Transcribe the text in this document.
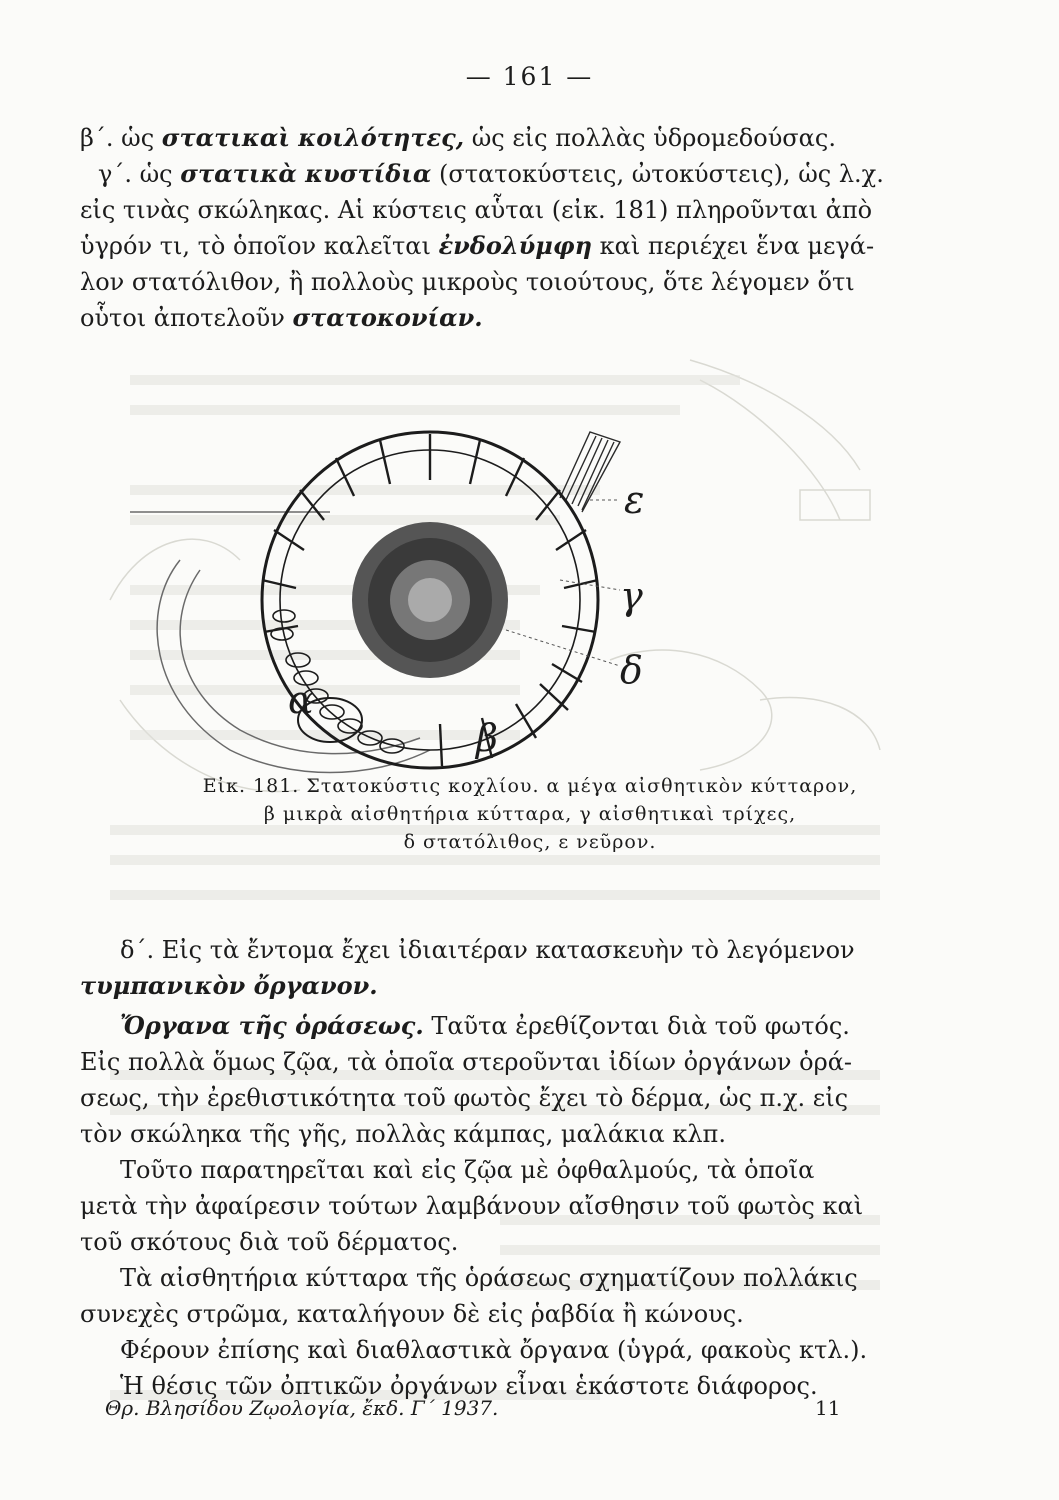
— 161 —
β΄. ὡς στατικαὶ κοιλότητες, ὡς εἰς πολλὰς ὑδρομεδούσας.
γ΄. ὡς στατικὰ κυστίδια (στατοκύστεις, ὠτοκύστεις), ὡς λ.χ.
εἰς τινὰς σκώληκας. Αἱ κύστεις αὗται (εἰκ. 181) πληροῦνται ἀπὸ
ὑγρόν τι, τὸ ὁποῖον καλεῖται ἐνδολύμφη καὶ περιέχει ἕνα μεγά-
λον στατόλιθον, ἢ πολλοὺς μικροὺς τοιούτους, ὅτε λέγομεν ὅτι
οὗτοι ἀποτελοῦν στατοκονίαν.
α
β
γ
δ
ε
Εἰκ. 181. Στατοκύστις κοχλίου. α μέγα αἰσθητικὸν κύτταρον,
β μικρὰ αἰσθητήρια κύτταρα, γ αἰσθητικαὶ τρίχες,
δ στατόλιθος, ε νεῦρον.
δ΄. Εἰς τὰ ἔντομα ἔχει ἰδιαιτέραν κατασκευὴν τὸ λεγόμενον
τυμπανικὸν ὄργανον.
Ὄργανα τῆς ὁράσεως. Ταῦτα ἐρεθίζονται διὰ τοῦ φωτός.
Εἰς πολλὰ ὅμως ζῷα, τὰ ὁποῖα στεροῦνται ἰδίων ὀργάνων ὁρά-
σεως, τὴν ἐρεθιστικότητα τοῦ φωτὸς ἔχει τὸ δέρμα, ὡς π.χ. εἰς
τὸν σκώληκα τῆς γῆς, πολλὰς κάμπας, μαλάκια κλπ.
Τοῦτο παρατηρεῖται καὶ εἰς ζῷα μὲ ὀφθαλμούς, τὰ ὁποῖα
μετὰ τὴν ἀφαίρεσιν τούτων λαμβάνουν αἴσθησιν τοῦ φωτὸς καὶ
τοῦ σκότους διὰ τοῦ δέρματος.
Τὰ αἰσθητήρια κύτταρα τῆς ὁράσεως σχηματίζουν πολλάκις
συνεχὲς στρῶμα, καταλήγουν δὲ εἰς ῥαβδία ἢ κώνους.
Φέρουν ἐπίσης καὶ διαθλαστικὰ ὄργανα (ὑγρά, φακοὺς κτλ.).
Ἡ θέσις τῶν ὀπτικῶν ὀργάνων εἶναι ἑκάστοτε διάφορος.
Θρ. Βλησίδου Ζῳολογία, ἔκδ. Γ΄ 1937.	11
